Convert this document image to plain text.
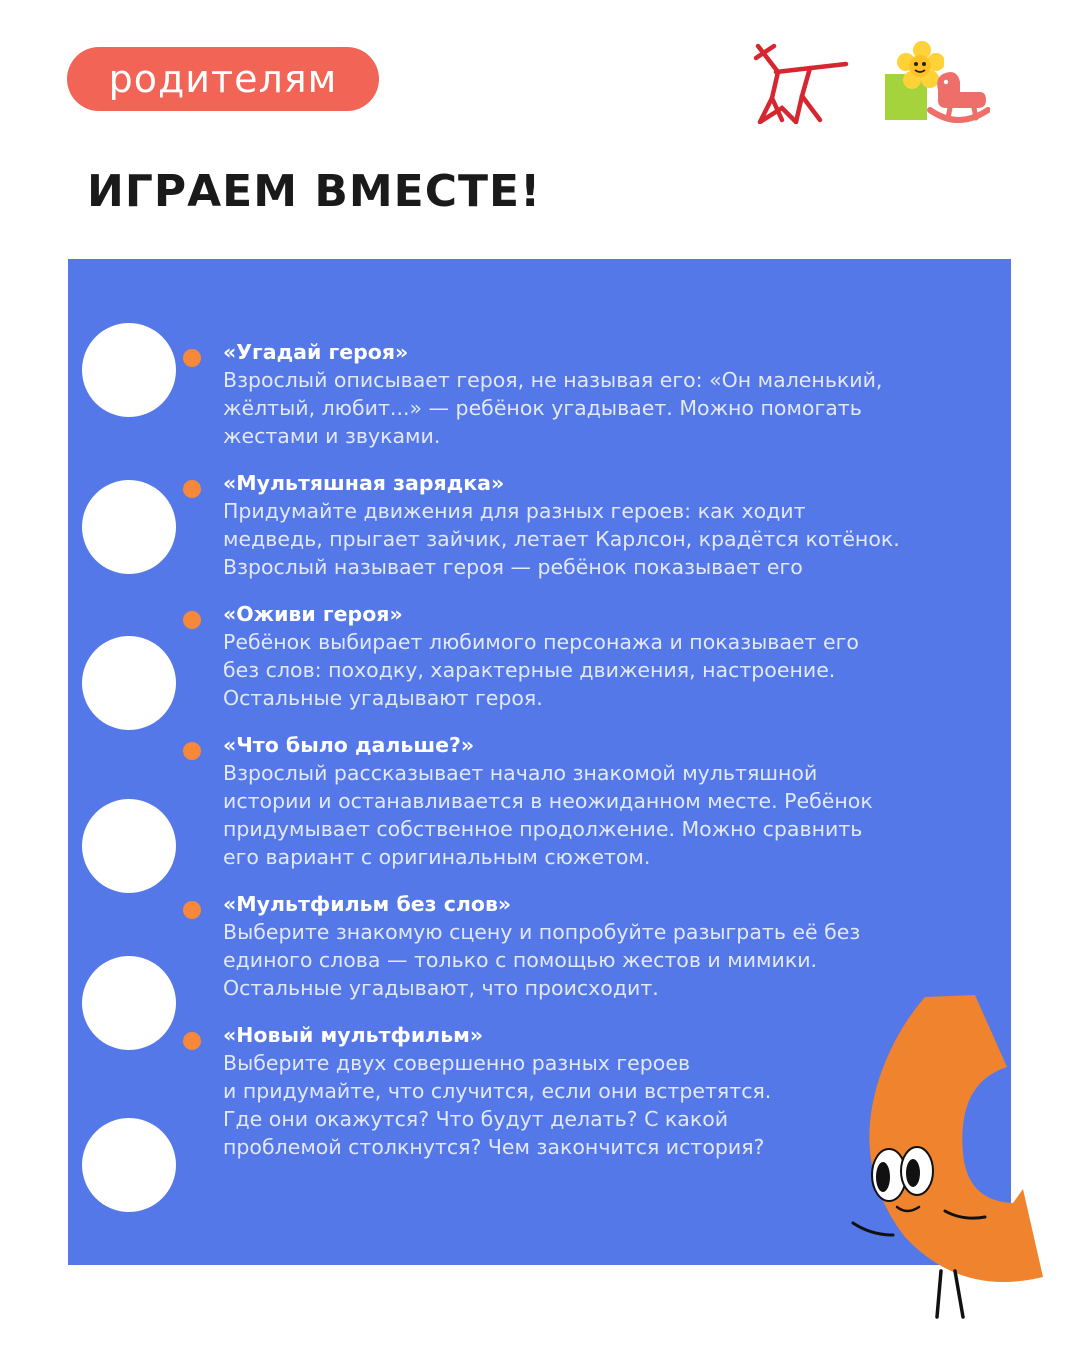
родителям
ИГРАЕМ ВМЕСТЕ!
«Угадай героя»
Взрослый описывает героя, не называя его: «Он маленький,
жёлтый, любит...» — ребёнок угадывает. Можно помогать
жестами и звуками.
«Мультяшная зарядка»
Придумайте движения для разных героев: как ходит
медведь, прыгает зайчик, летает Карлсон, крадётся котёнок.
Взрослый называет героя — ребёнок показывает его
«Оживи героя»
Ребёнок выбирает любимого персонажа и показывает его
без слов: походку, характерные движения, настроение.
Остальные угадывают героя.
«Что было дальше?»
Взрослый рассказывает начало знакомой мультяшной
истории и останавливается в неожиданном месте. Ребёнок
придумывает собственное продолжение. Можно сравнить
его вариант с оригинальным сюжетом.
«Мультфильм без слов»
Выберите знакомую сцену и попробуйте разыграть её без
единого слова — только с помощью жестов и мимики.
Остальные угадывают, что происходит.
«Новый мультфильм»
Выберите двух совершенно разных героев
и придумайте, что случится, если они встретятся.
Где они окажутся? Что будут делать? С какой
проблемой столкнутся? Чем закончится история?
